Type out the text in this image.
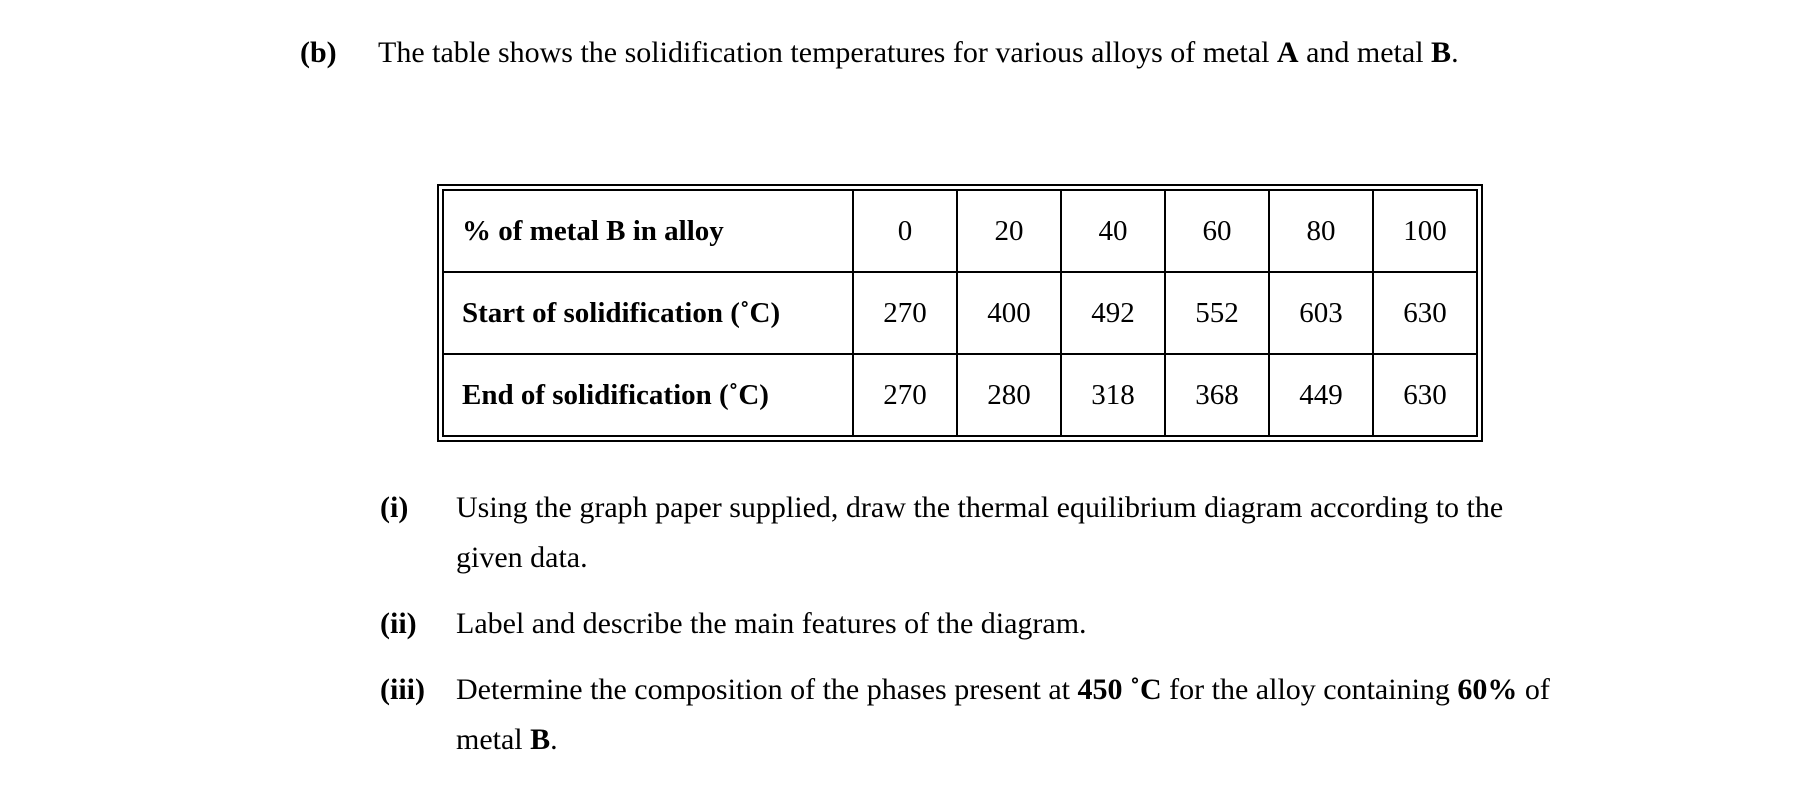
(b)	The table shows the solidification temperatures for various alloys of metal A and metal B.
% of metal B in alloy	0	20	40	60	80	100
Start of solidification (˚C)	270	400	492	552	603	630
End of solidification (˚C)	270	280	318	368	449	630
(i)	Using the graph paper supplied, draw the thermal equilibrium diagram according to the given data.
(ii)	Label and describe the main features of the diagram.
(iii)	Determine the composition of the phases present at 450 ˚C for the alloy containing 60% of metal B.
